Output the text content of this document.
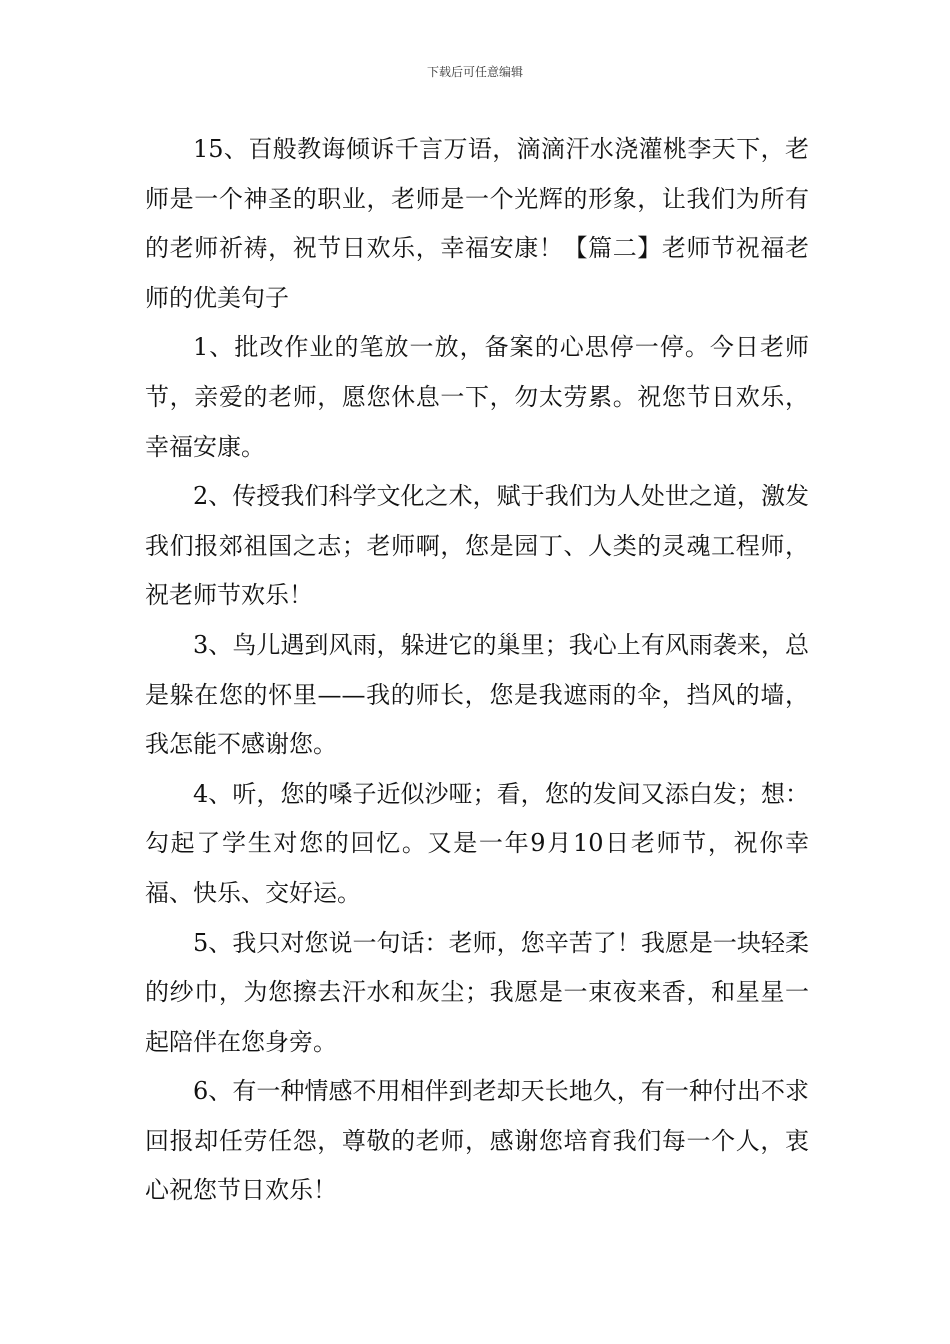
下载后可任意编辑

15、百般教诲倾诉千言万语，滴滴汗水浇灌桃李天下，老师是一个神圣的职业，老师是一个光辉的形象，让我们为所有的老师祈祷，祝节日欢乐，幸福安康！【篇二】老师节祝福老师的优美句子

1、批改作业的笔放一放，备案的心思停一停。今日老师节，亲爱的老师，愿您休息一下，勿太劳累。祝您节日欢乐，幸福安康。

2、传授我们科学文化之术，赋于我们为人处世之道，激发我们报郊祖国之志；老师啊，您是园丁、人类的灵魂工程师，祝老师节欢乐！

3、鸟儿遇到风雨，躲进它的巢里；我心上有风雨袭来，总是躲在您的怀里——我的师长，您是我遮雨的伞，挡风的墙，我怎能不感谢您。

4、听，您的嗓子近似沙哑；看，您的发间又添白发；想：勾起了学生对您的回忆。又是一年9月10日老师节，祝你幸福、快乐、交好运。

5、我只对您说一句话：老师，您辛苦了！我愿是一块轻柔的纱巾，为您擦去汗水和灰尘；我愿是一束夜来香，和星星一起陪伴在您身旁。

6、有一种情感不用相伴到老却天长地久，有一种付出不求回报却任劳任怨，尊敬的老师，感谢您培育我们每一个人，衷心祝您节日欢乐！
